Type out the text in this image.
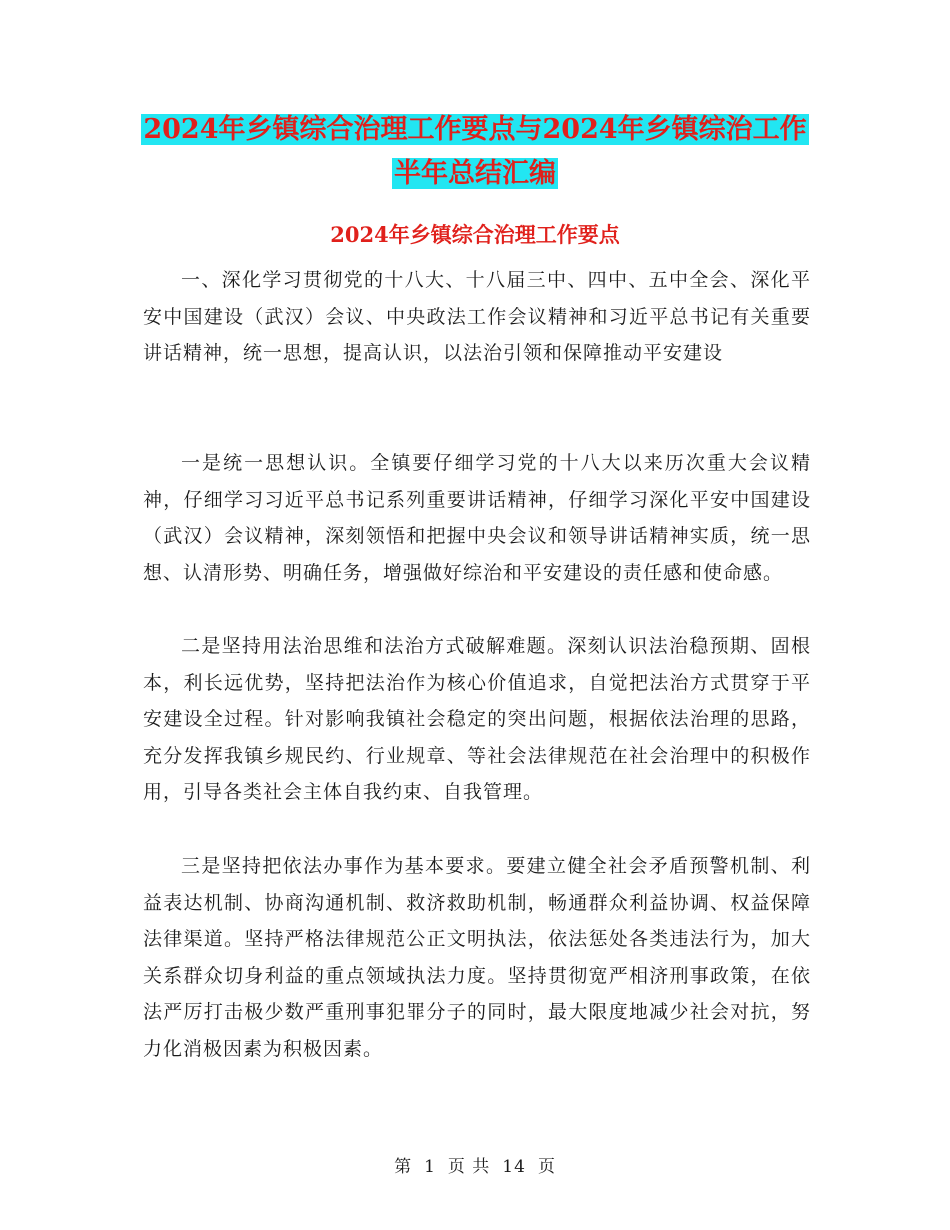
2024年乡镇综合治理工作要点与2024年乡镇综治工作
半年总结汇编
2024年乡镇综合治理工作要点

一、深化学习贯彻党的十八大、十八届三中、四中、五中全会、深化平安中国建设（武汉）会议、中央政法工作会议精神和习近平总书记有关重要讲话精神，统一思想，提高认识，以法治引领和保障推动平安建设

一是统一思想认识。全镇要仔细学习党的十八大以来历次重大会议精神，仔细学习习近平总书记系列重要讲话精神，仔细学习深化平安中国建设（武汉）会议精神，深刻领悟和把握中央会议和领导讲话精神实质，统一思想、认清形势、明确任务，增强做好综治和平安建设的责任感和使命感。

二是坚持用法治思维和法治方式破解难题。深刻认识法治稳预期、固根本，利长远优势，坚持把法治作为核心价值追求，自觉把法治方式贯穿于平安建设全过程。针对影响我镇社会稳定的突出问题，根据依法治理的思路，充分发挥我镇乡规民约、行业规章、等社会法律规范在社会治理中的积极作用，引导各类社会主体自我约束、自我管理。

三是坚持把依法办事作为基本要求。要建立健全社会矛盾预警机制、利益表达机制、协商沟通机制、救济救助机制，畅通群众利益协调、权益保障法律渠道。坚持严格法律规范公正文明执法，依法惩处各类违法行为，加大关系群众切身利益的重点领域执法力度。坚持贯彻宽严相济刑事政策，在依法严厉打击极少数严重刑事犯罪分子的同时，最大限度地减少社会对抗，努力化消极因素为积极因素。

第 1 页 共 14 页
